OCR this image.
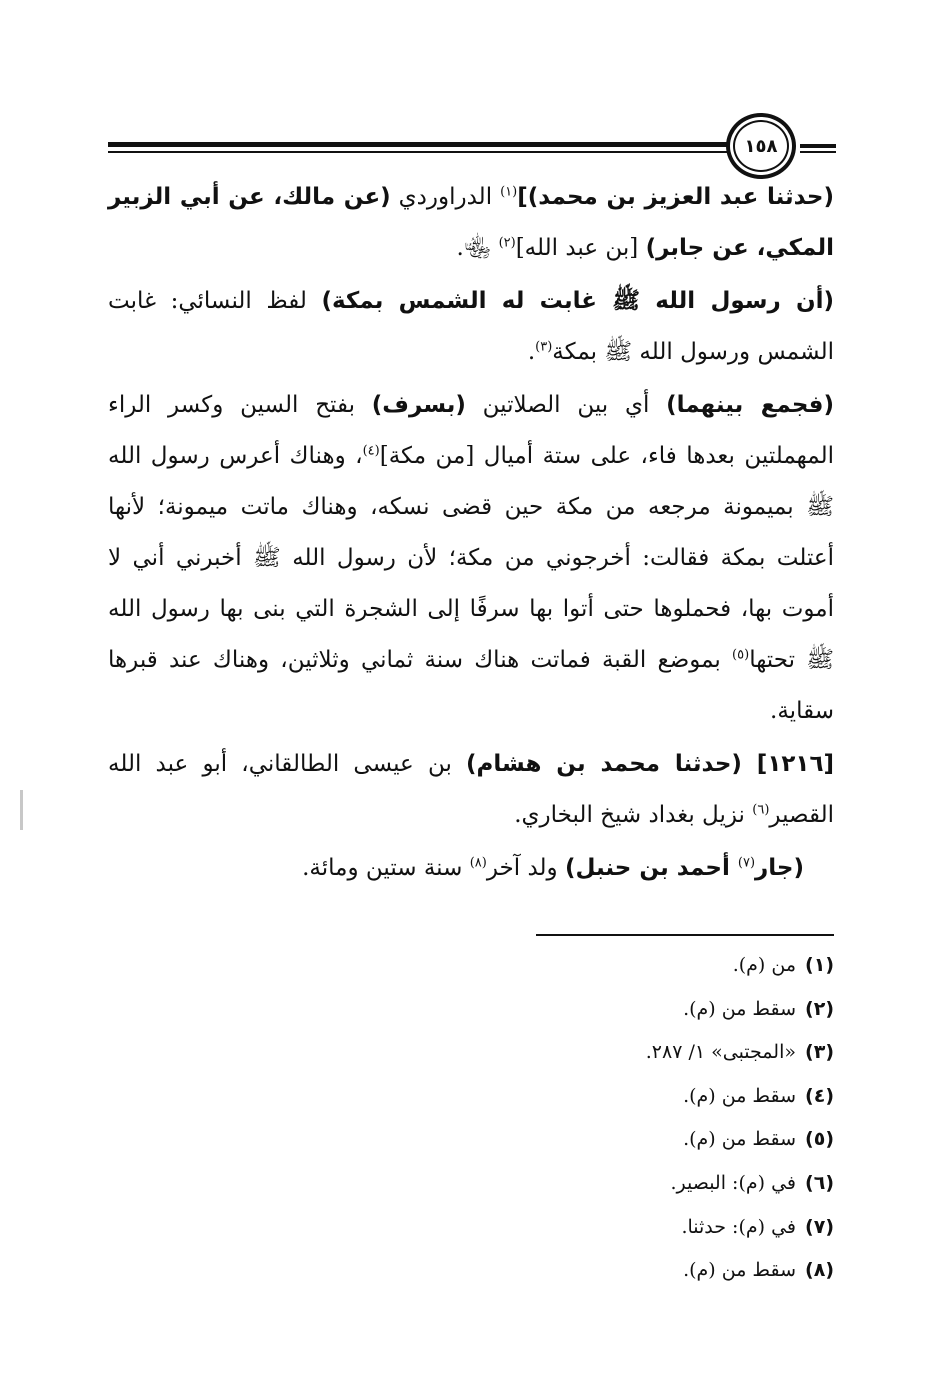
١٥٨

(حدثنا عبد العزيز بن محمد)]$^{(١)}$ الدراوردي (عن مالك، عن أبي الزبير المكي، عن جابر) [بن عبد الله]$^{(٢)}$ ﵄.

(أن رسول الله ﷺ غابت له الشمس بمكة) لفظ النسائي: غابت الشمس ورسول الله ﷺ بمكة$^{(٣)}$.

(فجمع بينهما) أي بين الصلاتين (بسرف) بفتح السين وكسر الراء المهملتين بعدها فاء، على ستة أميال [من مكة]$^{(٤)}$، وهناك أعرس رسول الله ﷺ بميمونة مرجعه من مكة حين قضى نسكه، وهناك ماتت ميمونة؛ لأنها أعتلت بمكة فقالت: أخرجوني من مكة؛ لأن رسول الله ﷺ أخبرني أني لا أموت بها، فحملوها حتى أتوا بها سرفًا إلى الشجرة التي بنى بها رسول الله ﷺ تحتها$^{(٥)}$ بموضع القبة فماتت هناك سنة ثماني وثلاثين، وهناك عند قبرها سقاية.

[١٢١٦] (حدثنا محمد بن هشام) بن عيسى الطالقاني، أبو عبد الله القصير$^{(٦)}$ نزيل بغداد شيخ البخاري.

(جار$^{(٧)}$ أحمد بن حنبل) ولد آخر$^{(٨)}$ سنة ستين ومائة.

(١)
من (م).
(٢)
سقط من (م).
(٣)
«المجتبى» ١/ ٢٨٧.
(٤)
سقط من (م).
(٥)
سقط من (م).
(٦)
في (م): البصير.
(٧)
في (م): حدثنا.
(٨)
سقط من (م).
